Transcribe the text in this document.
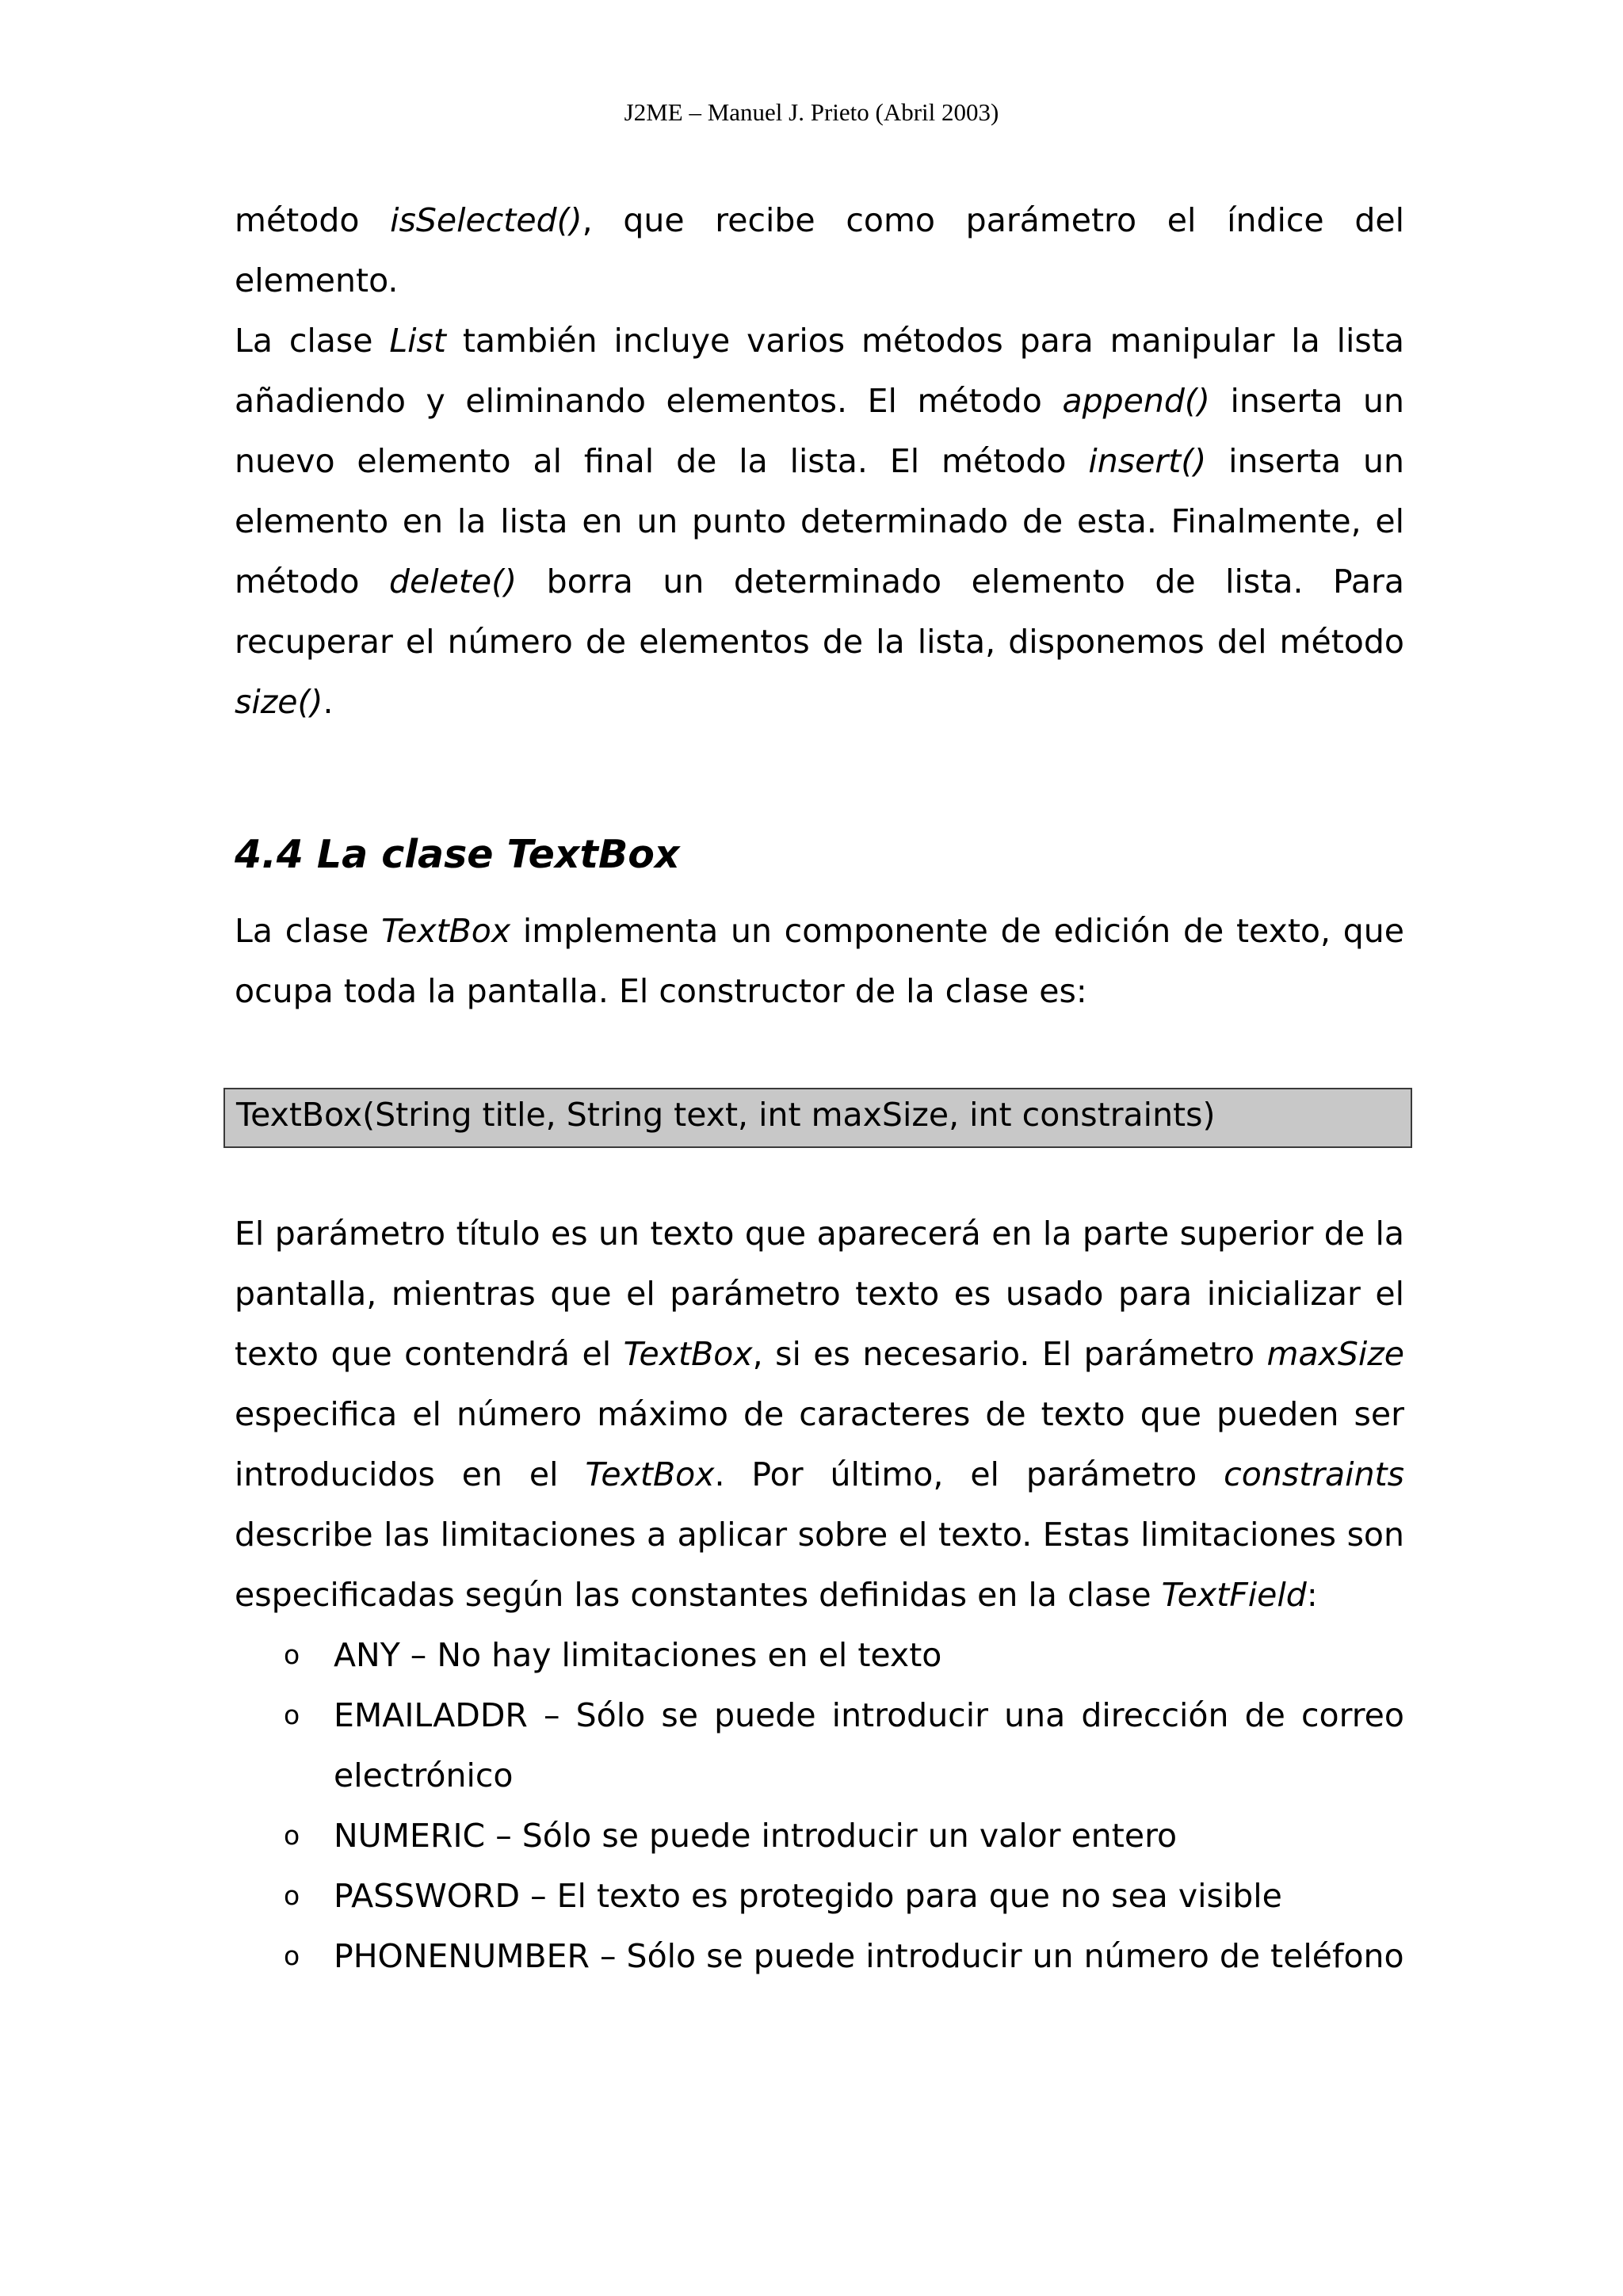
J2ME – Manuel J. Prieto (Abril 2003)

método isSelected(), que recibe como parámetro el índice del elemento.

La clase List también incluye varios métodos para manipular la lista añadiendo y eliminando elementos. El método append() inserta un nuevo elemento al final de la lista. El método insert() inserta un elemento en la lista en un punto determinado de esta. Finalmente, el método delete() borra un determinado elemento de lista. Para recuperar el número de elementos de la lista, disponemos del método size().

4.4 La clase TextBox

La clase TextBox implementa un componente de edición de texto, que ocupa toda la pantalla. El constructor de la clase es:

El parámetro título es un texto que aparecerá en la parte superior de la pantalla, mientras que el parámetro texto es usado para inicializar el texto que contendrá el TextBox, si es necesario. El parámetro maxSize especifica el número máximo de caracteres de texto que pueden ser introducidos en el TextBox. Por último, el parámetro constraints describe las limitaciones a aplicar sobre el texto. Estas limitaciones son especificadas según las constantes definidas en la clase TextField:

o ANY – No hay limitaciones en el texto
o EMAILADDR – Sólo se puede introducir una dirección de correo electrónico
o NUMERIC – Sólo se puede introducir un valor entero
o PASSWORD – El texto es protegido para que no sea visible
o PHONENUMBER – Sólo se puede introducir un número de teléfono
TextBox(String title, String text, int maxSize, int constraints)
